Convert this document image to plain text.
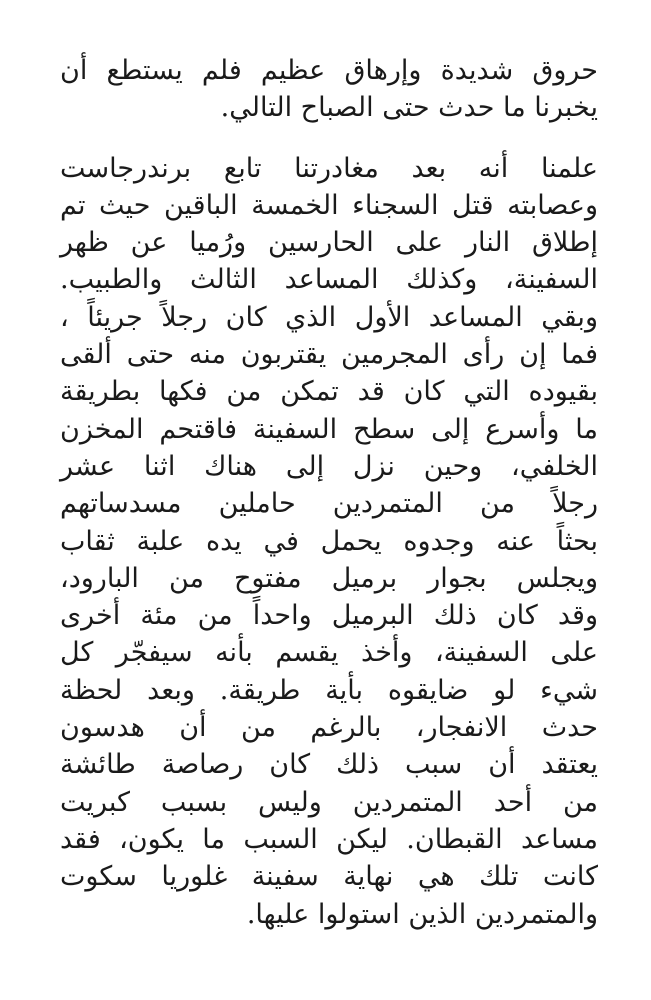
حروق شديدة وإرهاق عظيم فلم يستطع أن
يخبرنا ما حدث حتى الصباح التالي.
علمنا أنه بعد مغادرتنا تابع برندرجاست
وعصابته قتل السجناء الخمسة الباقين حيث تم
إطلاق النار على الحارسين ورُميا عن ظهر
السفينة، وكذلك المساعد الثالث والطبيب.
وبقي المساعد الأول الذي كان رجلاً جريئاً ،
فما إن رأى المجرمين يقتربون منه حتى ألقى
بقيوده التي كان قد تمكن من فكها بطريقة
ما وأسرع إلى سطح السفينة فاقتحم المخزن
الخلفي، وحين نزل إلى هناك اثنا عشر
رجلاً من المتمردين حاملين مسدساتهم
بحثاً عنه وجدوه يحمل في يده علبة ثقاب
ويجلس بجوار برميل مفتوح من البارود،
وقد كان ذلك البرميل واحداً من مئة أخرى
على السفينة، وأخذ يقسم بأنه سيفجّر كل
شيء لو ضايقوه بأية طريقة. وبعد لحظة
حدث الانفجار، بالرغم من أن هدسون
يعتقد أن سبب ذلك كان رصاصة طائشة
من أحد المتمردين وليس بسبب كبريت
مساعد القبطان. ليكن السبب ما يكون، فقد
كانت تلك هي نهاية سفينة غلوريا سكوت
والمتمردين الذين استولوا عليها.
